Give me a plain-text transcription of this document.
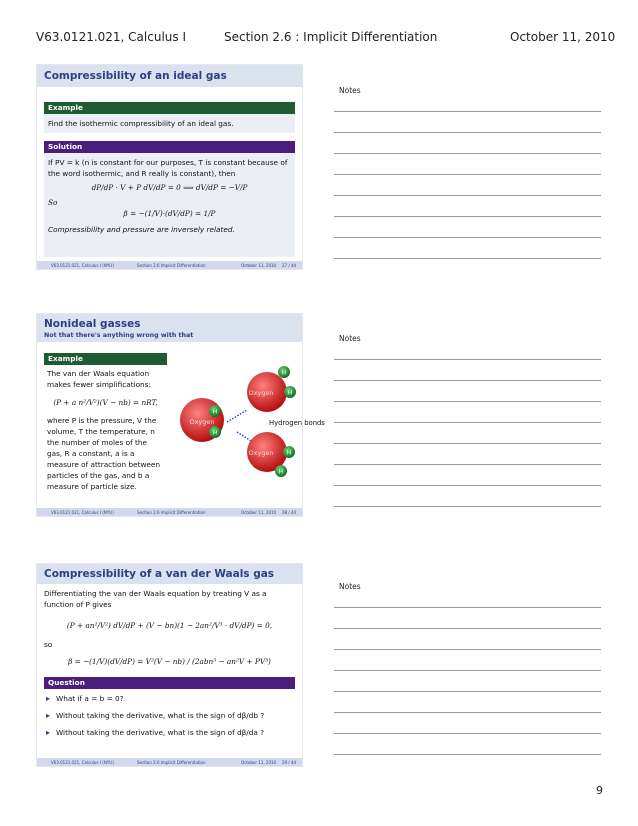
V63.0121.021, Calculus I	Section 2.6 : Implicit Differentiation	October 11, 2010
Compressibility of an ideal gas
Example
Find the isothermic compressibility of an ideal gas.
Solution
If PV = k (n is constant for our purposes, T is constant because of the word isothermic, and R really is constant), then
dP/dP · V + P dV/dP = 0 ⟹ dV/dP = −V/P
So
β = −(1/V)·(dV/dP) = 1/P
Compressibility and pressure are inversely related.
V63.0121.021, Calculus I (NYU)	Section 2.6 Implicit Differentiation	October 11, 2010 27 / 44
Nonideal gasses
Not that there's anything wrong with that
Example
The van der Waals equation makes fewer simplifications:
(P + a n²/V²)(V − nb) = nRT,
where P is the pressure, V the volume, T the temperature, n the number of moles of the gas, R a constant, a is a measure of attraction between particles of the gas, and b a measure of particle size.
Oxygen
H
H
Oxygen
H
H
Oxygen H
H
Hydrogen bonds
V63.0121.021, Calculus I (NYU)	Section 2.6 Implicit Differentiation	October 11, 2010 28 / 44
Compressibility of a van der Waals gas
Differentiating the van der Waals equation by treating V as a function of P gives
(P + an²/V²) dV/dP + (V − bn)(1 − 2an²/V³ · dV/dP) = 0,
so
β = −(1/V)(dV/dP) = V²(V − nb) / (2abn³ − an²V + PV³)
Question
▸ What if a = b = 0?
▸ Without taking the derivative, what is the sign of dβ/db ?
▸ Without taking the derivative, what is the sign of dβ/da ?
V63.0121.021, Calculus I (NYU)	Section 2.6 Implicit Differentiation	October 11, 2010 29 / 44
Notes
Notes
Notes
9
